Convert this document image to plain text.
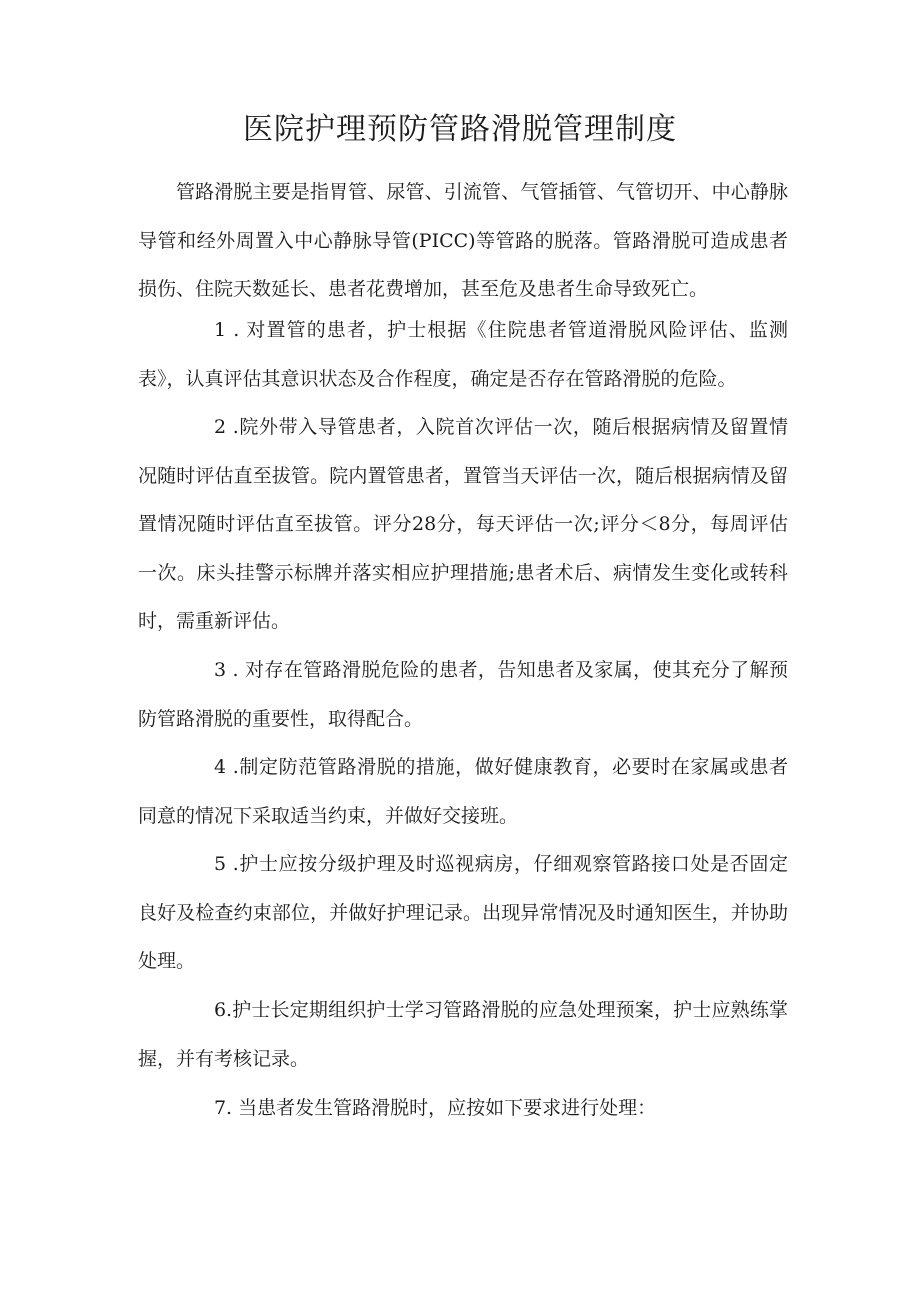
医院护理预防管路滑脱管理制度

管路滑脱主要是指胃管、尿管、引流管、气管插管、气管切开、中心静脉导管和经外周置入中心静脉导管(PICC)等管路的脱落。管路滑脱可造成患者损伤、住院天数延长、患者花费增加，甚至危及患者生命导致死亡。

1 . 对置管的患者，护士根据《住院患者管道滑脱风险评估、监测表》，认真评估其意识状态及合作程度，确定是否存在管路滑脱的危险。

2 .院外带入导管患者，入院首次评估一次，随后根据病情及留置情况随时评估直至拔管。院内置管患者，置管当天评估一次，随后根据病情及留置情况随时评估直至拔管。评分28分，每天评估一次;评分＜8分，每周评估一次。床头挂警示标牌并落实相应护理措施;患者术后、病情发生变化或转科时，需重新评估。

3 . 对存在管路滑脱危险的患者，告知患者及家属，使其充分了解预防管路滑脱的重要性，取得配合。

4 .制定防范管路滑脱的措施，做好健康教育，必要时在家属或患者同意的情况下采取适当约束，并做好交接班。

5 .护士应按分级护理及时巡视病房，仔细观察管路接口处是否固定良好及检查约束部位，并做好护理记录。出现异常情况及时通知医生，并协助处理。

6.护士长定期组织护士学习管路滑脱的应急处理预案，护士应熟练掌握，并有考核记录。

7. 当患者发生管路滑脱时，应按如下要求进行处理：
